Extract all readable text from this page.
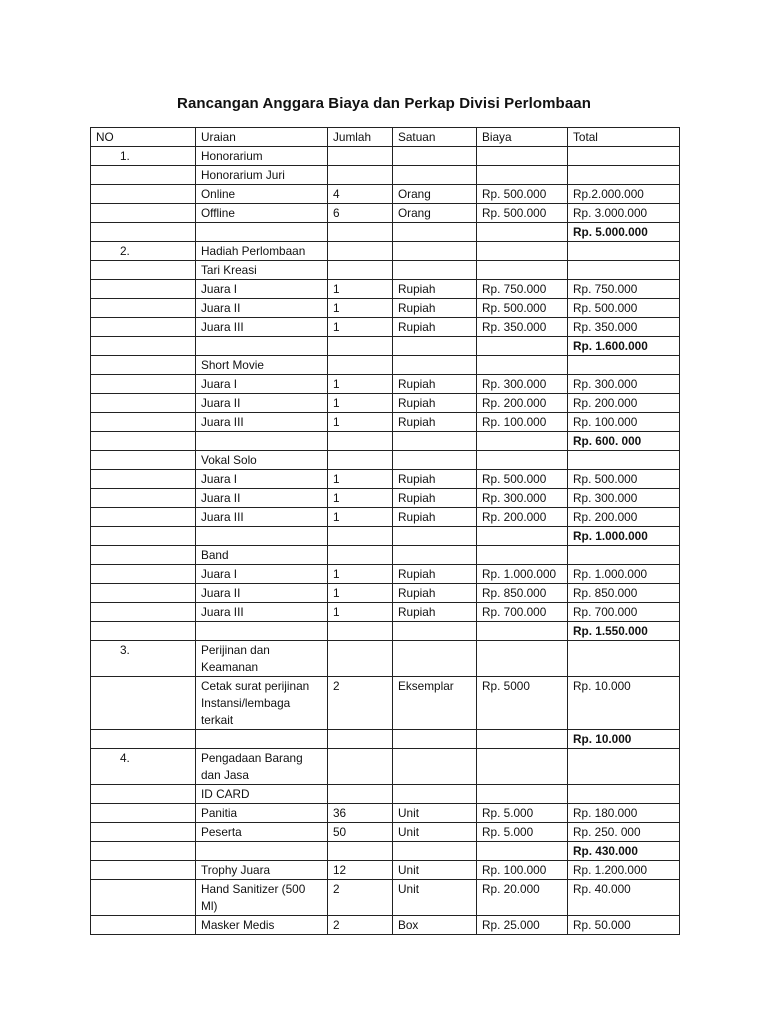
Rancangan Anggara Biaya dan Perkap Divisi Perlombaan
NO	Uraian	Jumlah	Satuan	Biaya	Total
1.	Honorarium				
	Honorarium Juri				
	Online	4	Orang	Rp. 500.000	Rp.2.000.000
	Offline	6	Orang	Rp. 500.000	Rp. 3.000.000
					Rp. 5.000.000
2.	Hadiah Perlombaan				
	Tari Kreasi				
	Juara I	1	Rupiah	Rp. 750.000	Rp. 750.000
	Juara II	1	Rupiah	Rp. 500.000	Rp. 500.000
	Juara III	1	Rupiah	Rp. 350.000	Rp. 350.000
					Rp. 1.600.000
	Short Movie				
	Juara I	1	Rupiah	Rp. 300.000	Rp. 300.000
	Juara II	1	Rupiah	Rp. 200.000	Rp. 200.000
	Juara III	1	Rupiah	Rp. 100.000	Rp. 100.000
					Rp. 600. 000
	Vokal Solo				
	Juara I	1	Rupiah	Rp. 500.000	Rp. 500.000
	Juara II	1	Rupiah	Rp. 300.000	Rp. 300.000
	Juara III	1	Rupiah	Rp. 200.000	Rp. 200.000
					Rp. 1.000.000
	Band				
	Juara I	1	Rupiah	Rp. 1.000.000	Rp. 1.000.000
	Juara II	1	Rupiah	Rp. 850.000	Rp. 850.000
	Juara III	1	Rupiah	Rp. 700.000	Rp. 700.000
					Rp. 1.550.000
3.	Perijinan dan Keamanan				
	Cetak surat perijinan Instansi/lembaga terkait	2	Eksemplar	Rp. 5000	Rp. 10.000
					Rp. 10.000
4.	Pengadaan Barang dan Jasa				
	ID CARD				
	Panitia	36	Unit	Rp. 5.000	Rp. 180.000
	Peserta	50	Unit	Rp. 5.000	Rp. 250. 000
					Rp. 430.000
	Trophy Juara	12	Unit	Rp. 100.000	Rp. 1.200.000
	Hand Sanitizer (500 Ml)	2	Unit	Rp. 20.000	Rp. 40.000
	Masker Medis	2	Box	Rp. 25.000	Rp. 50.000
